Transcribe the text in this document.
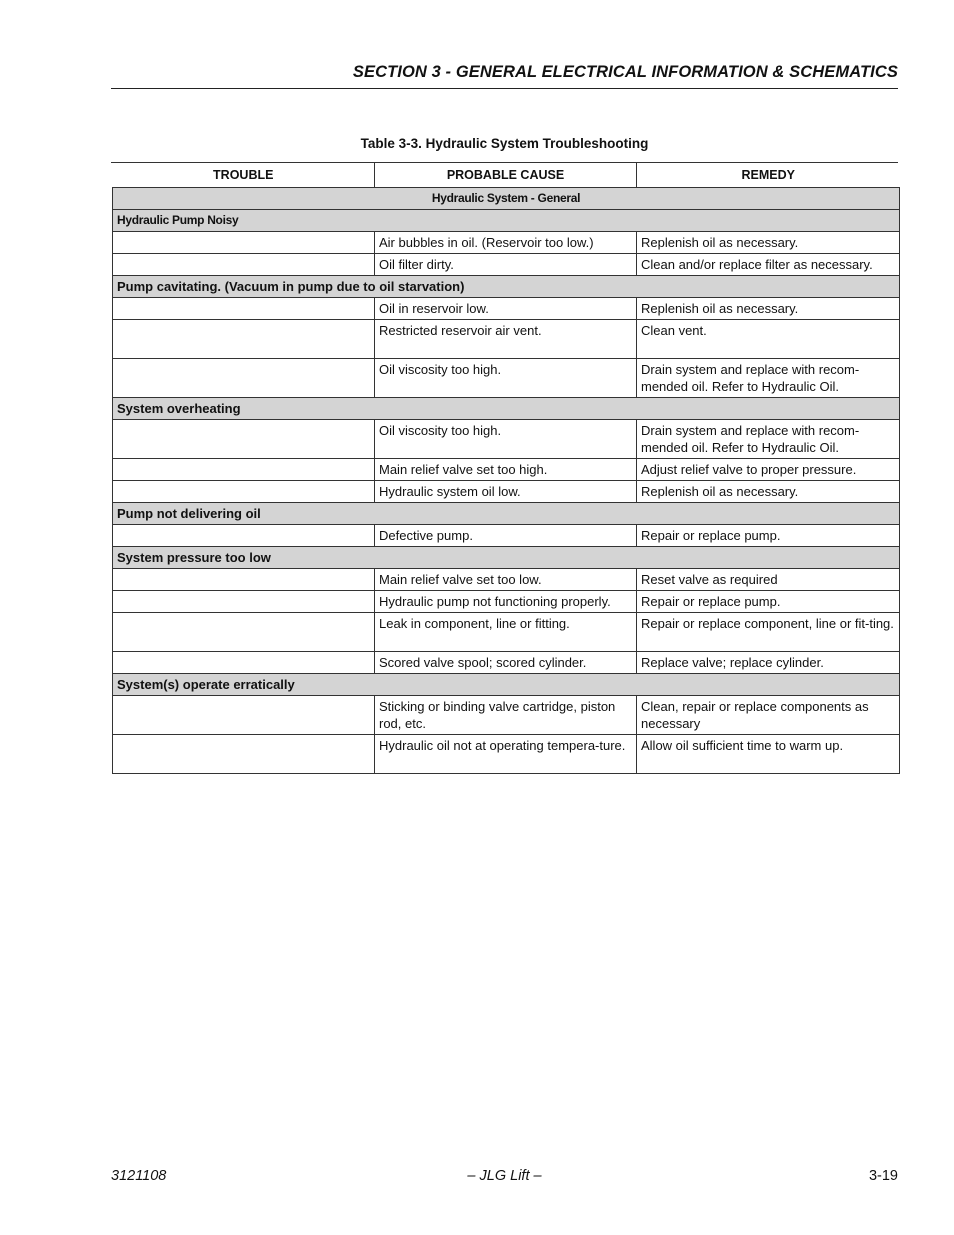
SECTION 3 - GENERAL ELECTRICAL INFORMATION & SCHEMATICS
Table 3-3. Hydraulic System Troubleshooting
TROUBLE	PROBABLE CAUSE	REMEDY
Hydraulic System - General		
Hydraulic Pump Noisy		
	Air bubbles in oil. (Reservoir too low.)	Replenish oil as necessary.
	Oil filter dirty.	Clean and/or replace filter as necessary.
Pump cavitating. (Vacuum in pump due to oil starvation)		
	Oil in reservoir low.	Replenish oil as necessary.
	Restricted reservoir air vent.	Clean vent.
	Oil viscosity too high.	Drain system and replace with recom-mended oil. Refer to Hydraulic Oil.
System overheating		
	Oil viscosity too high.	Drain system and replace with recom-mended oil. Refer to Hydraulic Oil.
	Main relief valve set too high.	Adjust relief valve to proper pressure.
	Hydraulic system oil low.	Replenish oil as necessary.
Pump not delivering oil		
	Defective pump.	Repair or replace pump.
System pressure too low		
	Main relief valve set too low.	Reset valve as required
	Hydraulic pump not functioning properly.	Repair or replace pump.
	Leak in component, line or fitting.	Repair or replace component, line or fit-ting.
	Scored valve spool; scored cylinder.	Replace valve; replace cylinder.
System(s) operate erratically		
	Sticking or binding valve cartridge, piston rod, etc.	Clean, repair or replace components as necessary
	Hydraulic oil not at operating tempera-ture.	Allow oil sufficient time to warm up.
3121108	– JLG Lift –	3-19
